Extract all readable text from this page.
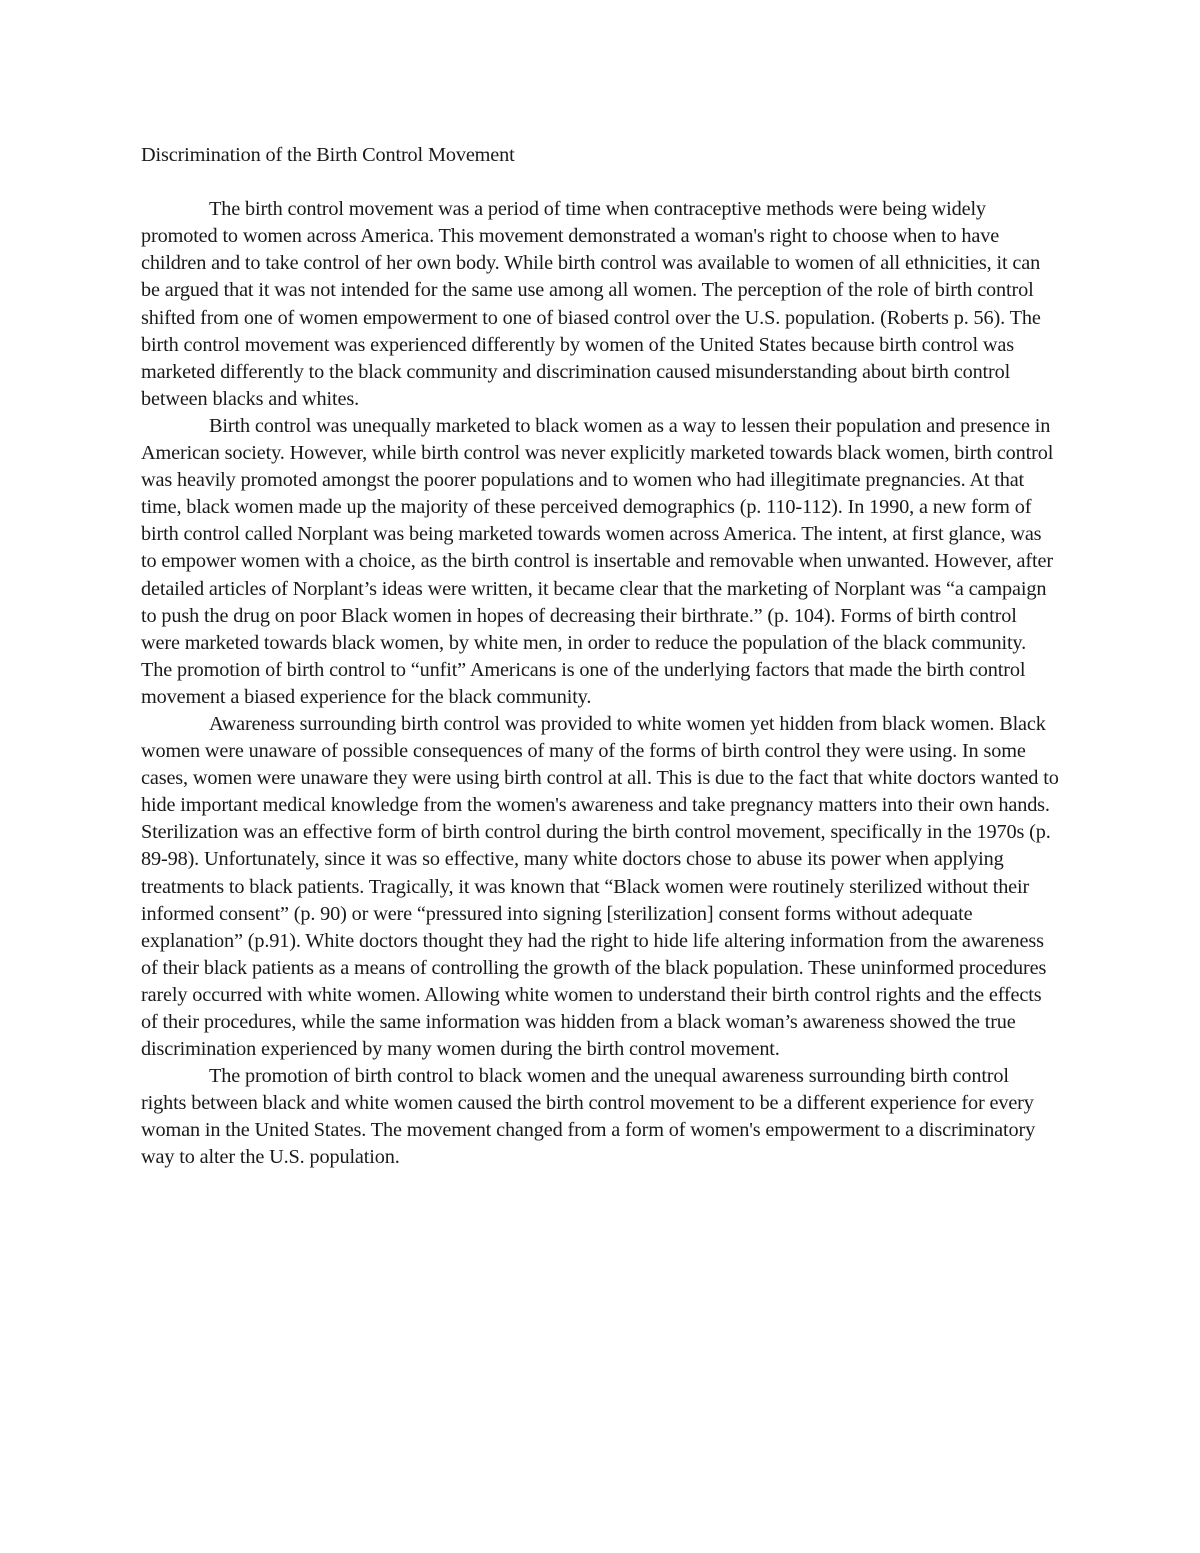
Discrimination of the Birth Control Movement

The birth control movement was a period of time when contraceptive methods were being widely promoted to women across America. This movement demonstrated a woman's right to choose when to have children and to take control of her own body. While birth control was available to women of all ethnicities, it can be argued that it was not intended for the same use among all women. The perception of the role of birth control shifted from one of women empowerment to one of biased control over the U.S. population. (Roberts p. 56). The birth control movement was experienced differently by women of the United States because birth control was marketed differently to the black community and discrimination caused misunderstanding about birth control between blacks and whites.

Birth control was unequally marketed to black women as a way to lessen their population and presence in American society. However, while birth control was never explicitly marketed towards black women, birth control was heavily promoted amongst the poorer populations and to women who had illegitimate pregnancies. At that time, black women made up the majority of these perceived demographics (p. 110-112). In 1990, a new form of birth control called Norplant was being marketed towards women across America. The intent, at first glance, was to empower women with a choice, as the birth control is insertable and removable when unwanted. However, after detailed articles of Norplant’s ideas were written, it became clear that the marketing of Norplant was “a campaign to push the drug on poor Black women in hopes of decreasing their birthrate.” (p. 104). Forms of birth control were marketed towards black women, by white men, in order to reduce the population of the black community. The promotion of birth control to “unfit” Americans is one of the underlying factors that made the birth control movement a biased experience for the black community.

Awareness surrounding birth control was provided to white women yet hidden from black women. Black women were unaware of possible consequences of many of the forms of birth control they were using. In some cases, women were unaware they were using birth control at all. This is due to the fact that white doctors wanted to hide important medical knowledge from the women's awareness and take pregnancy matters into their own hands. Sterilization was an effective form of birth control during the birth control movement, specifically in the 1970s (p. 89-98). Unfortunately, since it was so effective, many white doctors chose to abuse its power when applying treatments to black patients. Tragically, it was known that “Black women were routinely sterilized without their informed consent” (p. 90) or were “pressured into signing [sterilization] consent forms without adequate explanation” (p.91). White doctors thought they had the right to hide life altering information from the awareness of their black patients as a means of controlling the growth of the black population. These uninformed procedures rarely occurred with white women. Allowing white women to understand their birth control rights and the effects of their procedures, while the same information was hidden from a black woman’s awareness showed the true discrimination experienced by many women during the birth control movement.

The promotion of birth control to black women and the unequal awareness surrounding birth control rights between black and white women caused the birth control movement to be a different experience for every woman in the United States. The movement changed from a form of women's empowerment to a discriminatory way to alter the U.S. population.
